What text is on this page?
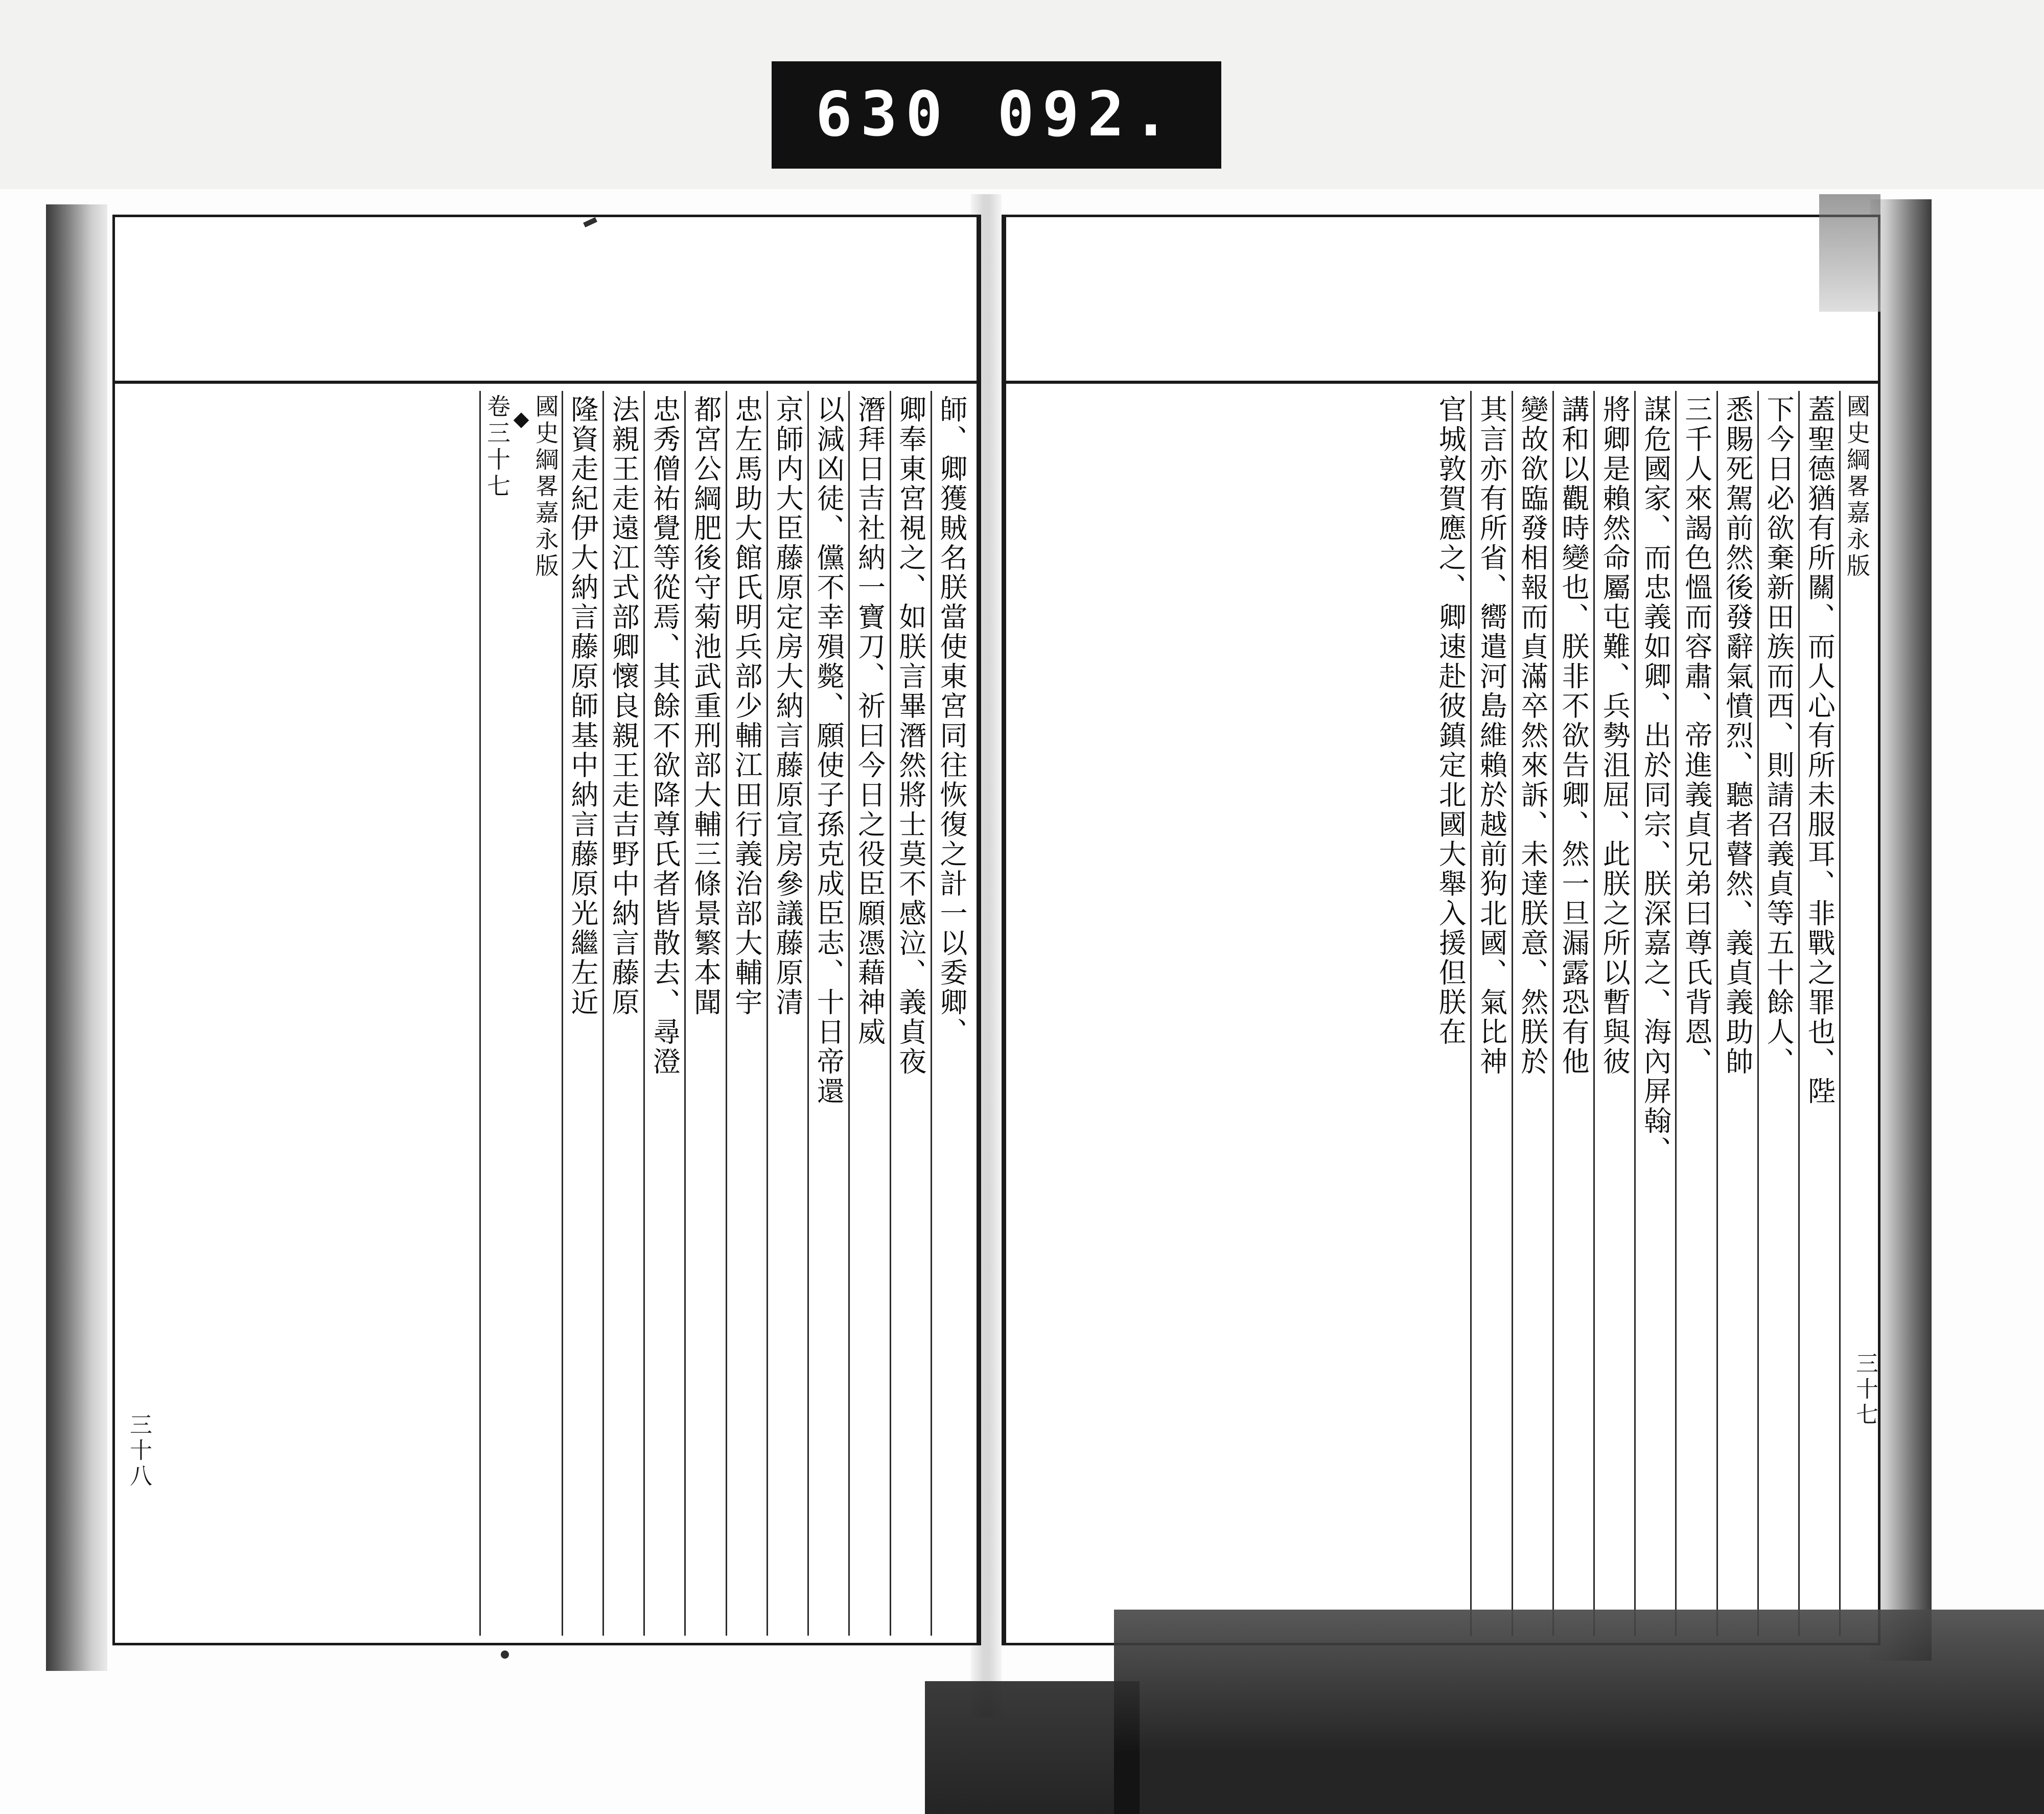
630 092.
國史綱畧嘉永版
蓋聖德猶有所關、而人心有所未服耳、非戰之罪也、陛
下今日必欲棄新田族而西、則請召義貞等五十餘人、
悉賜死駕前然後發辭氣憤烈、聽者瞽然、義貞義助帥
三千人來謁色慍而容肅、帝進義貞兄弟曰尊氏背恩、
謀危國家、而忠義如卿、出於同宗、朕深嘉之、海內屏翰、
將卿是賴然命屬屯難、兵勢沮屈、此朕之所以暫與彼
講和以觀時變也、朕非不欲告卿、然一旦漏露恐有他
變故欲臨發相報而貞滿卒然來訴、未達朕意、然朕於
其言亦有所省、嚮遣河島維賴於越前狗北國、氣比神
官城敦賀應之、卿速赴彼鎮定北國大舉入援但朕在
三十七
師、卿獲賊名朕當使東宮同往恢復之計一以委卿、
卿奉東宮視之、如朕言畢潛然將士莫不感泣、義貞夜
潛拜日吉社納一寶刀、祈曰今日之役臣願憑藉神威
以減凶徒、儻不幸殞斃、願使子孫克成臣志、十日帝還
京師内大臣藤原定房大納言藤原宣房參議藤原清
忠左馬助大館氏明兵部少輔江田行義治部大輔宇
都宮公綱肥後守菊池武重刑部大輔三條景繁本聞
忠秀僧祐覺等從焉、其餘不欲降尊氏者皆散去、尋澄
法親王走遠江式部卿懷良親王走吉野中納言藤原
隆資走紀伊大納言藤原師基中納言藤原光繼左近
國史綱畧嘉永版
◆
卷三十七
三十八
